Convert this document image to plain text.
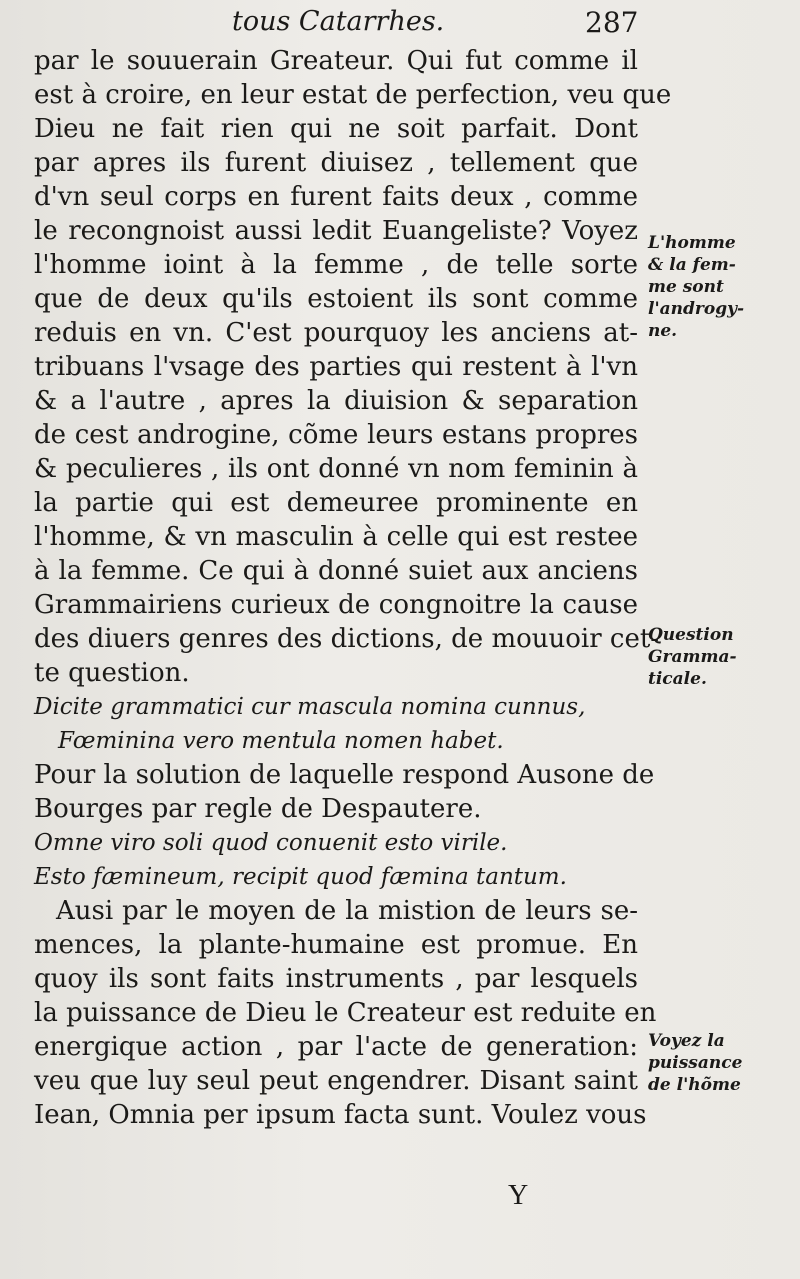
tous Catarrhes.	287
par le souuerain Greateur. Qui fut comme il
est à croire, en leur estat de perfection, veu que
Dieu ne fait rien qui ne soit parfait. Dont
par apres ils furent diuisez , tellement que
d'vn seul corps en furent faits deux , comme
le recongnoist aussi ledit Euangeliste? Voyez
l'homme ioint à la femme , de telle sorte
que de deux qu'ils estoient ils sont comme
reduis en vn. C'est pourquoy les anciens at-
tribuans l'vsage des parties qui restent à l'vn
& a l'autre , apres la diuision & separation
de cest androgine, cõme leurs estans propres
& peculieres , ils ont donné vn nom feminin à
la partie qui est demeuree prominente en
l'homme, & vn masculin à celle qui est restee
à la femme. Ce qui à donné suiet aux anciens
Grammairiens curieux de congnoitre la cause
des diuers genres des dictions, de mouuoir cet-
te question.
Dicite grammatici cur mascula nomina cunnus,
Fœminina vero mentula nomen habet.
Pour la solution de laquelle respond Ausone de
Bourges par regle de Despautere.
Omne viro soli quod conuenit esto virile.
Esto fæmineum, recipit quod fæmina tantum.
Ausi par le moyen de la mistion de leurs se-
mences, la plante-humaine est promue. En
quoy ils sont faits instruments , par lesquels
la puissance de Dieu le Createur est reduite en
energique action , par l'acte de generation:
veu que luy seul peut engendrer. Disant saint
Iean, Omnia per ipsum facta sunt. Voulez vous
L'homme
& la fem-
me sont
l'androgy-
ne.
Question
Gramma-
ticale.
Voyez la
puissance
de l'hõme
Y
